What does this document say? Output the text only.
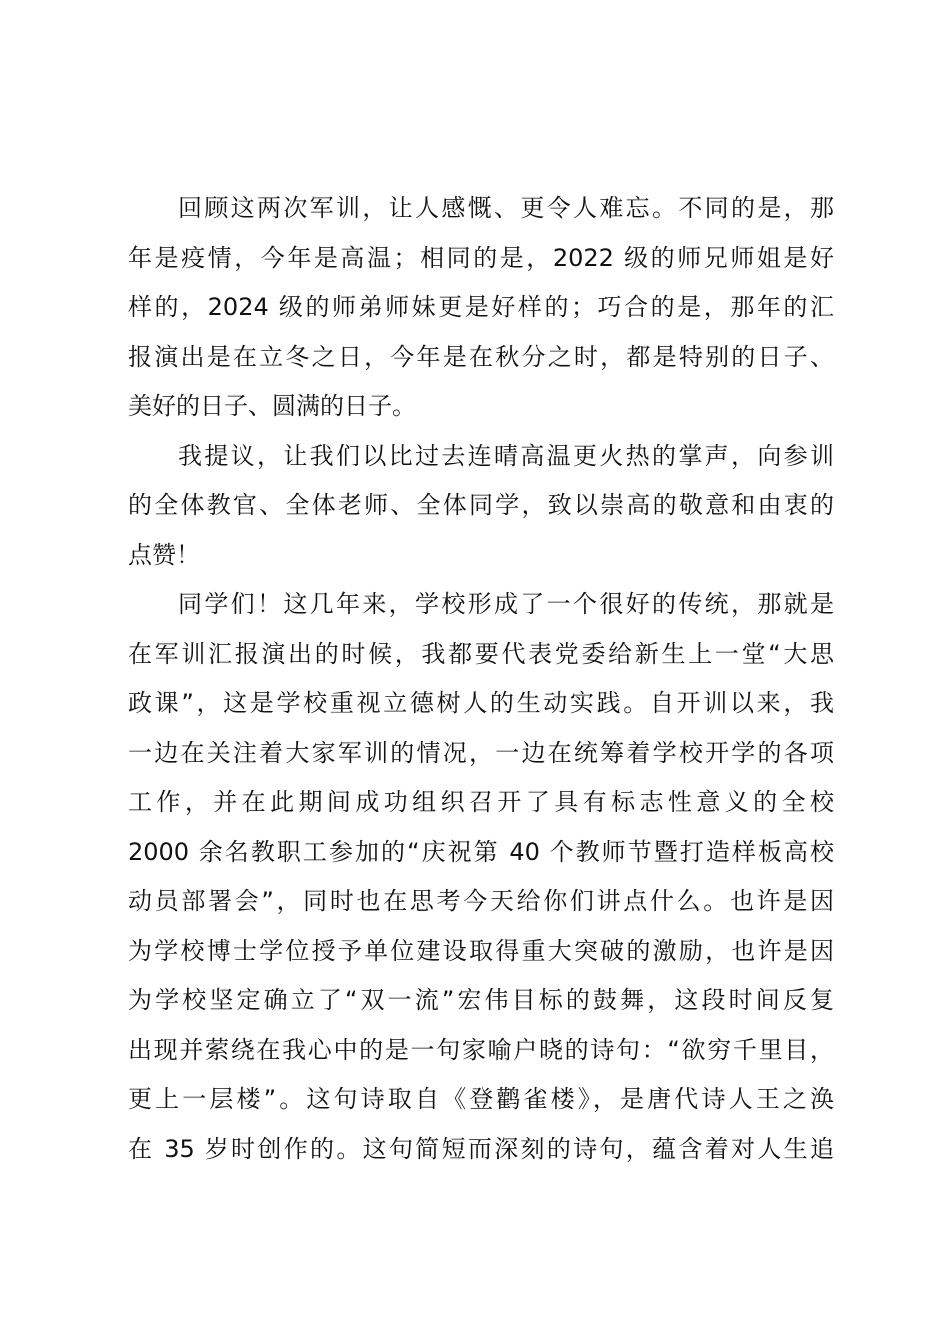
回顾这两次军训，让人感慨、更令人难忘。不同的是，那
年是疫情，今年是高温；相同的是，2022 级的师兄师姐是好
样的，2024 级的师弟师妹更是好样的；巧合的是，那年的汇
报演出是在立冬之日，今年是在秋分之时，都是特别的日子、
美好的日子、圆满的日子。

我提议，让我们以比过去连晴高温更火热的掌声，向参训
的全体教官、全体老师、全体同学，致以崇高的敬意和由衷的
点赞！

同学们！这几年来，学校形成了一个很好的传统，那就是
在军训汇报演出的时候，我都要代表党委给新生上一堂“大思
政课”，这是学校重视立德树人的生动实践。自开训以来，我
一边在关注着大家军训的情况，一边在统筹着学校开学的各项
工作，并在此期间成功组织召开了具有标志性意义的全校
2000 余名教职工参加的“庆祝第 40 个教师节暨打造样板高校
动员部署会”，同时也在思考今天给你们讲点什么。也许是因
为学校博士学位授予单位建设取得重大突破的激励，也许是因
为学校坚定确立了“双一流”宏伟目标的鼓舞，这段时间反复
出现并萦绕在我心中的是一句家喻户晓的诗句：“欲穷千里目，
更上一层楼”。这句诗取自《登鹳雀楼》，是唐代诗人王之涣
在 35 岁时创作的。这句简短而深刻的诗句，蕴含着对人生追
